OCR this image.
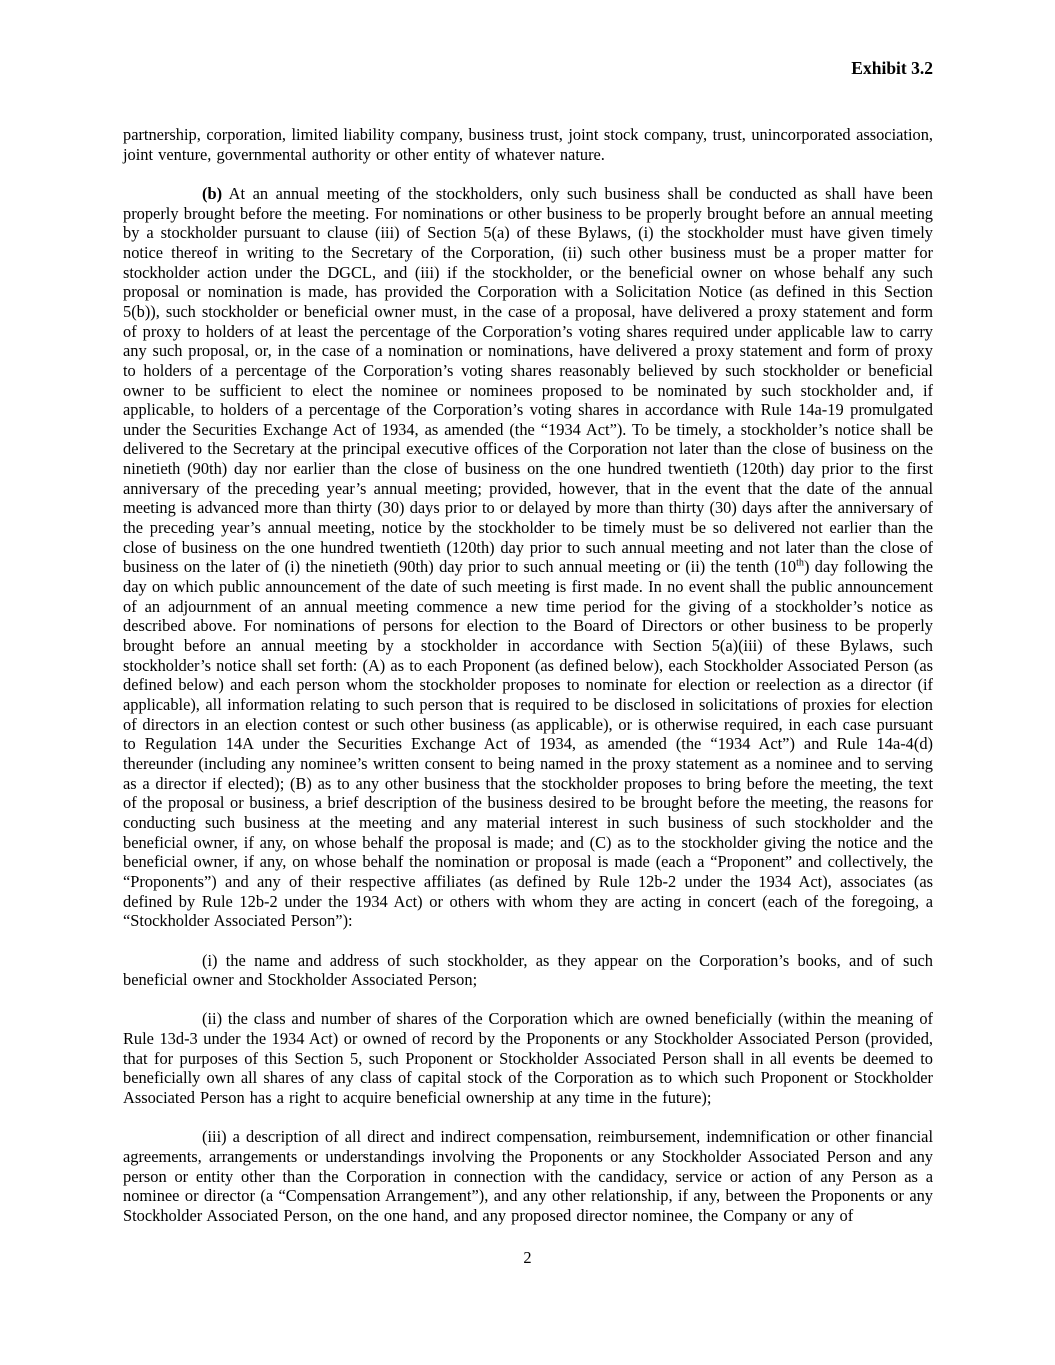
Exhibit 3.2

partnership, corporation, limited liability company, business trust, joint stock company, trust, unincorporated association, joint venture, governmental authority or other entity of whatever nature.

(b) At an annual meeting of the stockholders, only such business shall be conducted as shall have been properly brought before the meeting. For nominations or other business to be properly brought before an annual meeting by a stockholder pursuant to clause (iii) of Section 5(a) of these Bylaws, (i) the stockholder must have given timely notice thereof in writing to the Secretary of the Corporation, (ii) such other business must be a proper matter for stockholder action under the DGCL, and (iii) if the stockholder, or the beneficial owner on whose behalf any such proposal or nomination is made, has provided the Corporation with a Solicitation Notice (as defined in this Section 5(b)), such stockholder or beneficial owner must, in the case of a proposal, have delivered a proxy statement and form of proxy to holders of at least the percentage of the Corporation’s voting shares required under applicable law to carry any such proposal, or, in the case of a nomination or nominations, have delivered a proxy statement and form of proxy to holders of a percentage of the Corporation’s voting shares reasonably believed by such stockholder or beneficial owner to be sufficient to elect the nominee or nominees proposed to be nominated by such stockholder and, if applicable, to holders of a percentage of the Corporation’s voting shares in accordance with Rule 14a-19 promulgated under the Securities Exchange Act of 1934, as amended (the “1934 Act”). To be timely, a stockholder’s notice shall be delivered to the Secretary at the principal executive offices of the Corporation not later than the close of business on the ninetieth (90th) day nor earlier than the close of business on the one hundred twentieth (120th) day prior to the first anniversary of the preceding year’s annual meeting; provided, however, that in the event that the date of the annual meeting is advanced more than thirty (30) days prior to or delayed by more than thirty (30) days after the anniversary of the preceding year’s annual meeting, notice by the stockholder to be timely must be so delivered not earlier than the close of business on the one hundred twentieth (120th) day prior to such annual meeting and not later than the close of business on the later of (i) the ninetieth (90th) day prior to such annual meeting or (ii) the tenth (10th) day following the day on which public announcement of the date of such meeting is first made. In no event shall the public announcement of an adjournment of an annual meeting commence a new time period for the giving of a stockholder’s notice as described above. For nominations of persons for election to the Board of Directors or other business to be properly brought before an annual meeting by a stockholder in accordance with Section 5(a)(iii) of these Bylaws, such stockholder’s notice shall set forth: (A) as to each Proponent (as defined below), each Stockholder Associated Person (as defined below) and each person whom the stockholder proposes to nominate for election or reelection as a director (if applicable), all information relating to such person that is required to be disclosed in solicitations of proxies for election of directors in an election contest or such other business (as applicable), or is otherwise required, in each case pursuant to Regulation 14A under the Securities Exchange Act of 1934, as amended (the “1934 Act”) and Rule 14a-4(d) thereunder (including any nominee’s written consent to being named in the proxy statement as a nominee and to serving as a director if elected); (B) as to any other business that the stockholder proposes to bring before the meeting, the text of the proposal or business, a brief description of the business desired to be brought before the meeting, the reasons for conducting such business at the meeting and any material interest in such business of such stockholder and the beneficial owner, if any, on whose behalf the proposal is made; and (C) as to the stockholder giving the notice and the beneficial owner, if any, on whose behalf the nomination or proposal is made (each a “Proponent” and collectively, the “Proponents”) and any of their respective affiliates (as defined by Rule 12b-2 under the 1934 Act), associates (as defined by Rule 12b-2 under the 1934 Act) or others with whom they are acting in concert (each of the foregoing, a “Stockholder Associated Person”):

(i) the name and address of such stockholder, as they appear on the Corporation’s books, and of such beneficial owner and Stockholder Associated Person;

(ii) the class and number of shares of the Corporation which are owned beneficially (within the meaning of Rule 13d-3 under the 1934 Act) or owned of record by the Proponents or any Stockholder Associated Person (provided, that for purposes of this Section 5, such Proponent or Stockholder Associated Person shall in all events be deemed to beneficially own all shares of any class of capital stock of the Corporation as to which such Proponent or Stockholder Associated Person has a right to acquire beneficial ownership at any time in the future);

(iii) a description of all direct and indirect compensation, reimbursement, indemnification or other financial agreements, arrangements or understandings involving the Proponents or any Stockholder Associated Person and any person or entity other than the Corporation in connection with the candidacy, service or action of any Person as a nominee or director (a “Compensation Arrangement”), and any other relationship, if any, between the Proponents or any Stockholder Associated Person, on the one hand, and any proposed director nominee, the Company or any of

2
